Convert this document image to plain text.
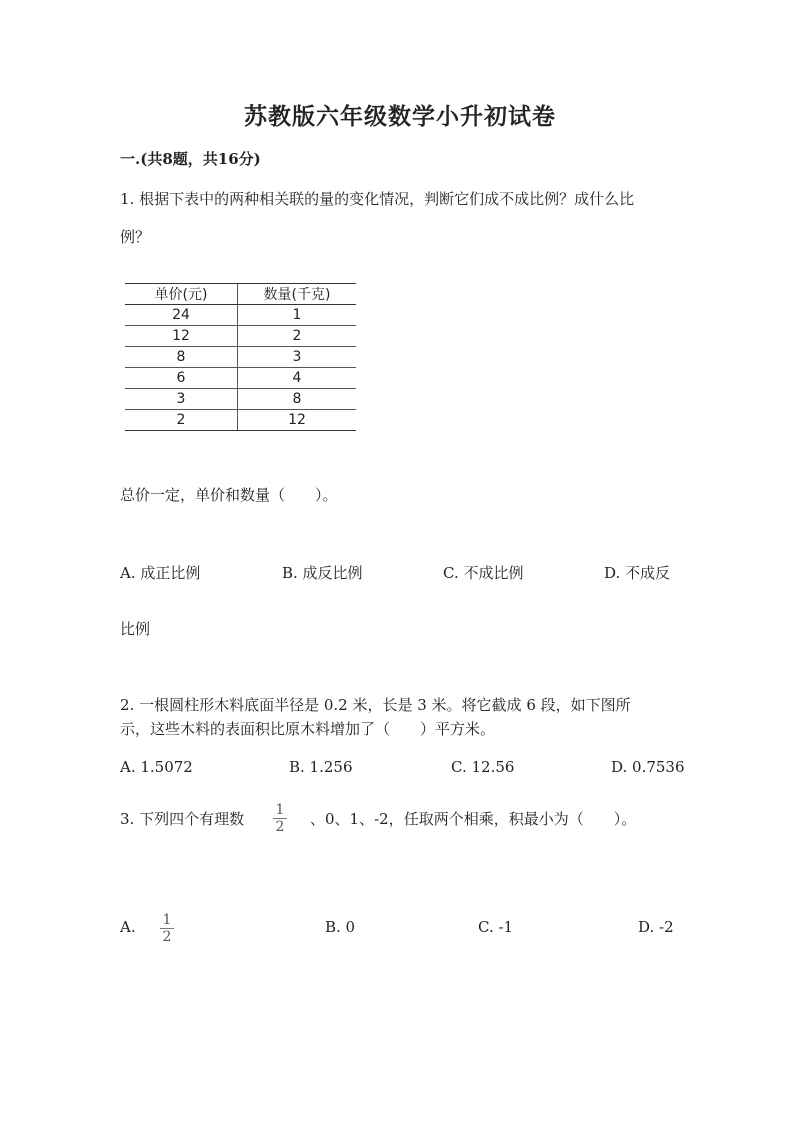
苏教版六年级数学小升初试卷
一.(共8题，共16分)
1. 根据下表中的两种相关联的量的变化情况，判断它们成不成比例？成什么比
例？
单价(元)	数量(千克)
24	1
12	2
8	3
6	4
3	8
2	12
总价一定，单价和数量（　　）。
A. 成正比例	B. 成反比例	C. 不成比例	D. 不成反
比例
2. 一根圆柱形木料底面半径是 0.2 米，长是 3 米。将它截成 6 段，如下图所
示，这些木料的表面积比原木料增加了（　　）平方米。
A. 1.5072	B. 1.256	C. 12.56	D. 0.7536
3. 下列四个有理数 1
2 、0、1、-2，任取两个相乘，积最小为（　　）。
A. 1
2
B. 0	C. -1	D. -2
